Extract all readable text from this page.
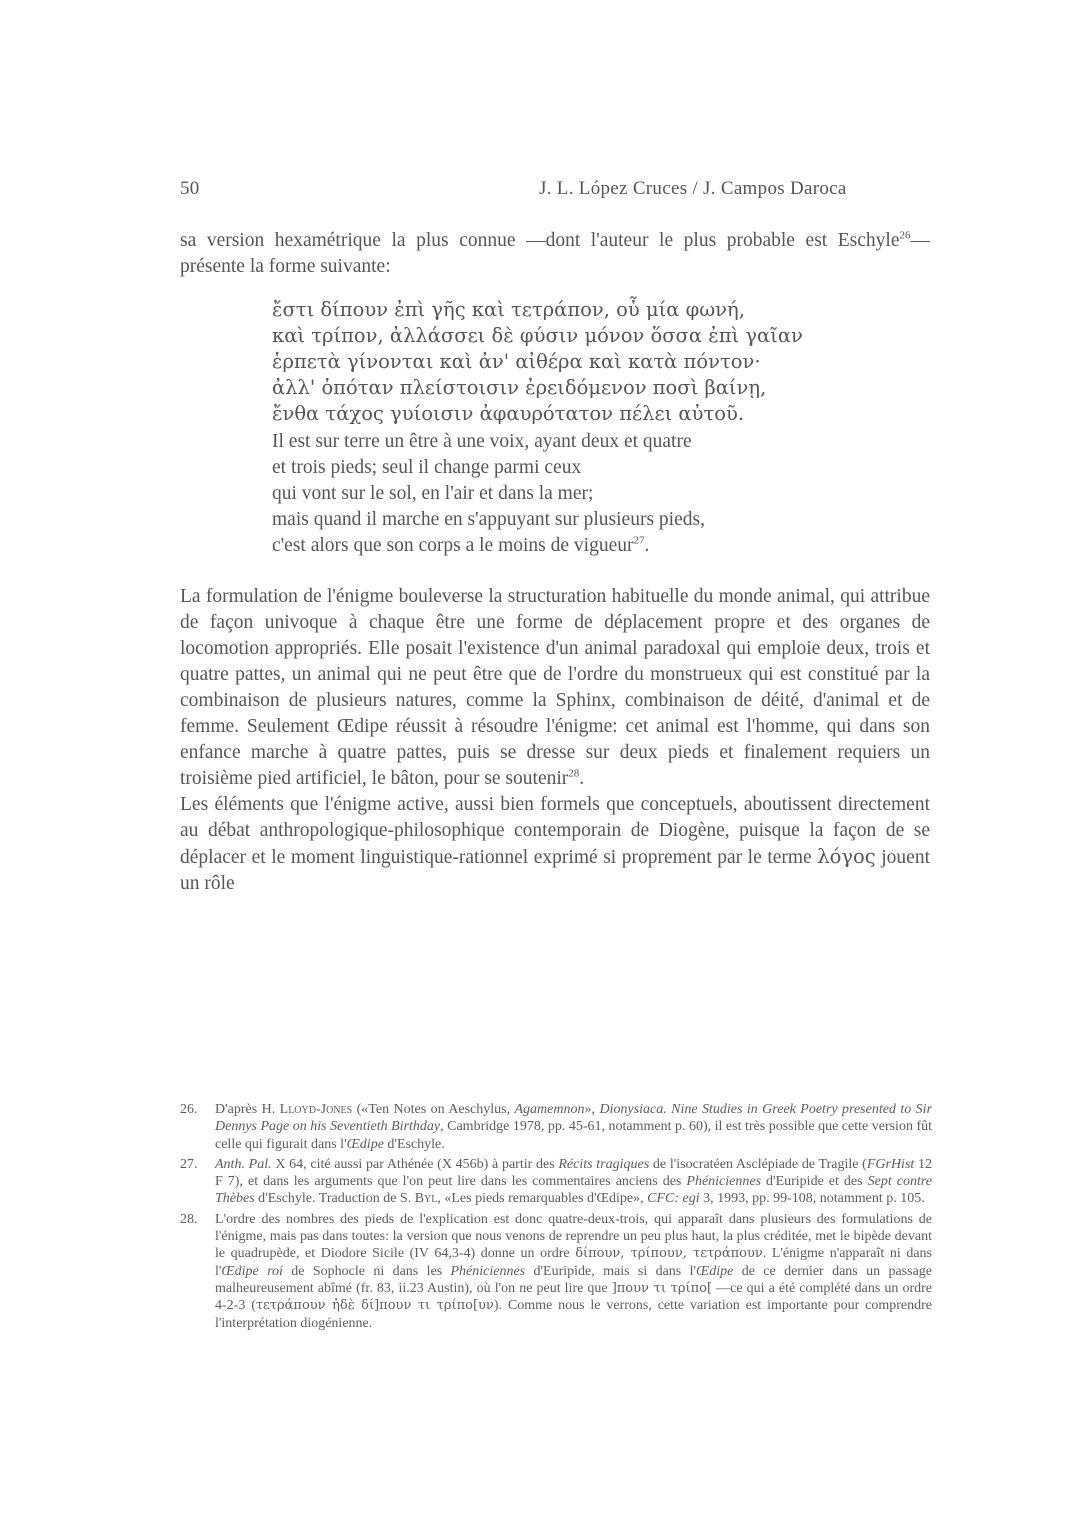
50	J. L. López Cruces / J. Campos Daroca

sa version hexamétrique la plus connue —dont l'auteur le plus probable est Eschyle$^{26}$— présente la forme suivante:

ἔστι δίπουν ἐπὶ γῆς καὶ τετράπον, οὗ μία φωνή,
καὶ τρίπον, ἀλλάσσει δὲ φύσιν μόνον ὅσσα ἐπὶ γαῖαν
ἑρπετὰ γίνονται καὶ ἀν' αἰθέρα καὶ κατὰ πόντον·
ἀλλ' ὁπόταν πλείστοισιν ἐρειδόμενον ποσὶ βαίνῃ,
ἔνθα τάχος γυίοισιν ἀφαυρότατον πέλει αὐτοῦ.
Il est sur terre un être à une voix, ayant deux et quatre
et trois pieds; seul il change parmi ceux
qui vont sur le sol, en l'air et dans la mer;
mais quand il marche en s'appuyant sur plusieurs pieds,
c'est alors que son corps a le moins de vigueur$^{27}$.

La formulation de l'énigme bouleverse la structuration habituelle du monde animal, qui attribue de façon univoque à chaque être une forme de déplacement propre et des organes de locomotion appropriés. Elle posait l'existence d'un animal paradoxal qui emploie deux, trois et quatre pattes, un animal qui ne peut être que de l'ordre du monstrueux qui est constitué par la combinaison de plusieurs natures, comme la Sphinx, combinaison de déité, d'animal et de femme. Seulement Œdipe réussit à résoudre l'énigme: cet animal est l'homme, qui dans son enfance marche à quatre pattes, puis se dresse sur deux pieds et finalement requiers un troisième pied artificiel, le bâton, pour se soutenir$^{28}$.

Les éléments que l'énigme active, aussi bien formels que conceptuels, aboutissent directement au débat anthropologique-philosophique contemporain de Diogène, puisque la façon de se déplacer et le moment linguistique-rationnel exprimé si proprement par le terme λόγος jouent un rôle

26.	D'après H. Lloyd-Jones («Ten Notes on Aeschylus, Agamemnon», Dionysiaca. Nine Studies in Greek Poetry presented to Sir Dennys Page on his Seventieth Birthday, Cambridge 1978, pp. 45-61, notamment p. 60), il est très possible que cette version fût celle qui figurait dans l'Œdipe d'Eschyle.
27.	Anth. Pal. X 64, cité aussi par Athénée (X 456b) à partir des Récits tragiques de l'isocratéen Asclépiade de Tragile (FGrHist 12 F 7), et dans les arguments que l'on peut lire dans les commentaires anciens des Phéniciennes d'Euripide et des Sept contre Thèbes d'Eschyle. Traduction de S. Byl, «Les pieds remarquables d'Œdipe», CFC: egi 3, 1993, pp. 99-108, notamment p. 105.
28.	L'ordre des nombres des pieds de l'explication est donc quatre-deux-trois, qui apparaît dans plusieurs des formulations de l'énigme, mais pas dans toutes: la version que nous venons de reprendre un peu plus haut, la plus créditée, met le bipède devant le quadrupède, et Diodore Sicile (IV 64,3-4) donne un ordre δίπουν, τρίπουν, τετράπουν. L'énigme n'apparaît ni dans l'Œdipe roi de Sophocle ni dans les Phéniciennes d'Euripide, mais si dans l'Œdipe de ce dernier dans un passage malheureusement abîmé (fr. 83, ii.23 Austin), où l'on ne peut lire que ]πουν τι τρίπο[ —ce qui a été complété dans un ordre 4-2-3 (τετράπουν ἠδὲ δί]πουν τι τρίπο[υν). Comme nous le verrons, cette variation est importante pour comprendre l'interprétation diogénienne.
